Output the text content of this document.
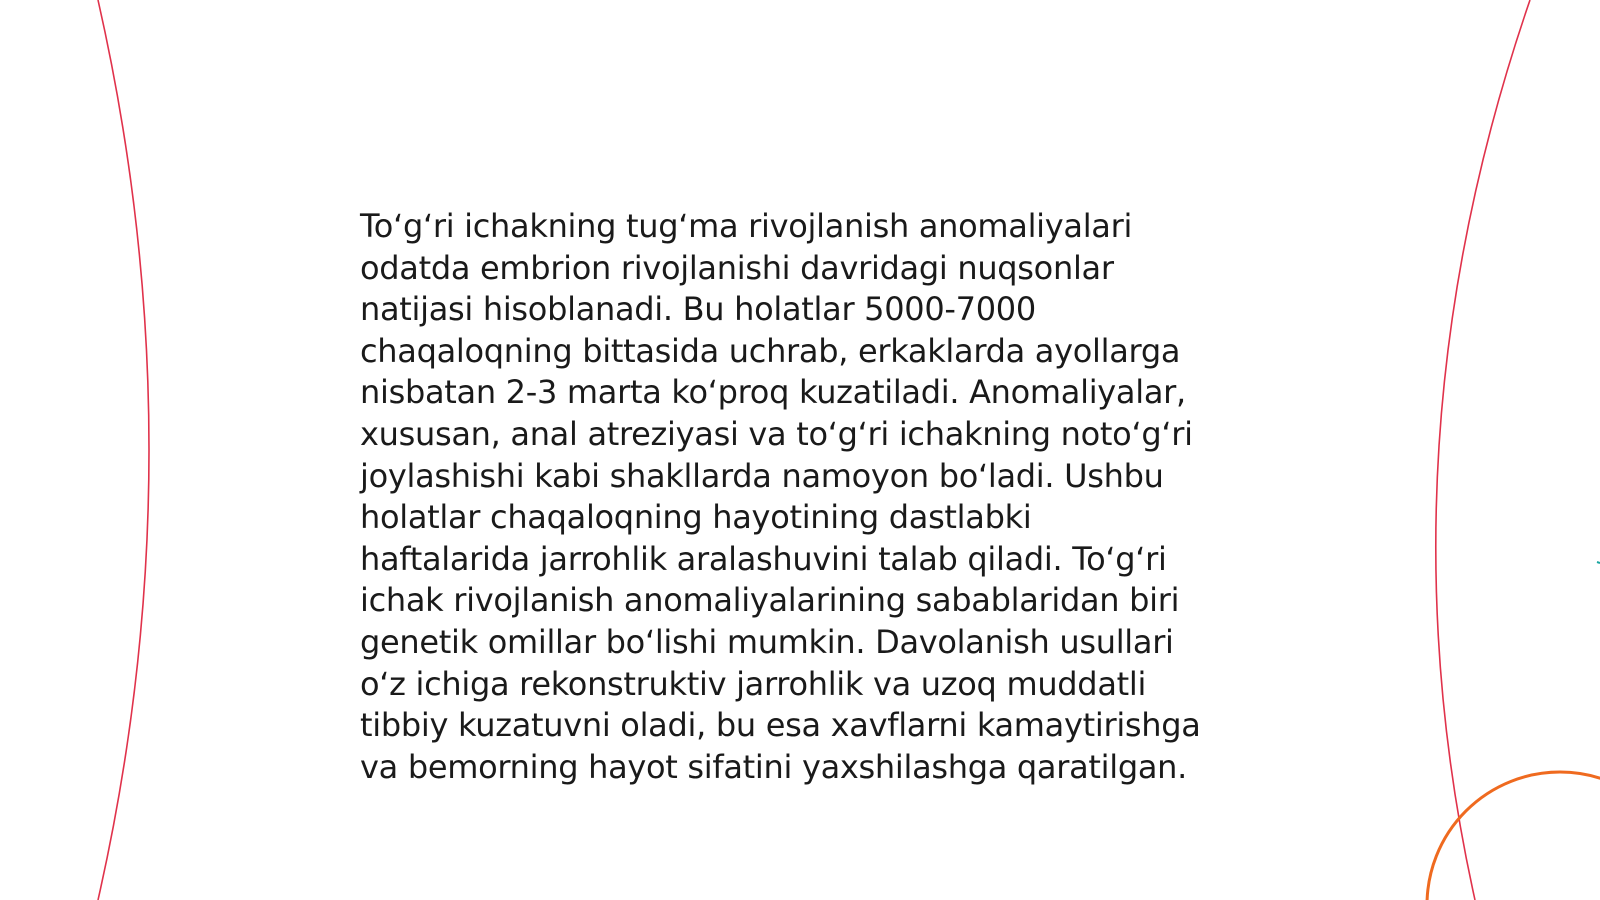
To‘g‘ri ichakning tug‘ma rivojlanish anomaliyalari
odatda embrion rivojlanishi davridagi nuqsonlar
natijasi hisoblanadi. Bu holatlar 5000-7000
chaqaloqning bittasida uchrab, erkaklarda ayollarga
nisbatan 2-3 marta ko‘proq kuzatiladi. Anomaliyalar,
xususan, anal atreziyasi va to‘g‘ri ichakning noto‘g‘ri
joylashishi kabi shakllarda namoyon bo‘ladi. Ushbu
holatlar chaqaloqning hayotining dastlabki
haftalarida jarrohlik aralashuvini talab qiladi. To‘g‘ri
ichak rivojlanish anomaliyalarining sabablaridan biri
genetik omillar bo‘lishi mumkin. Davolanish usullari
o‘z ichiga rekonstruktiv jarrohlik va uzoq muddatli
tibbiy kuzatuvni oladi, bu esa xavflarni kamaytirishga
va bemorning hayot sifatini yaxshilashga qaratilgan.
